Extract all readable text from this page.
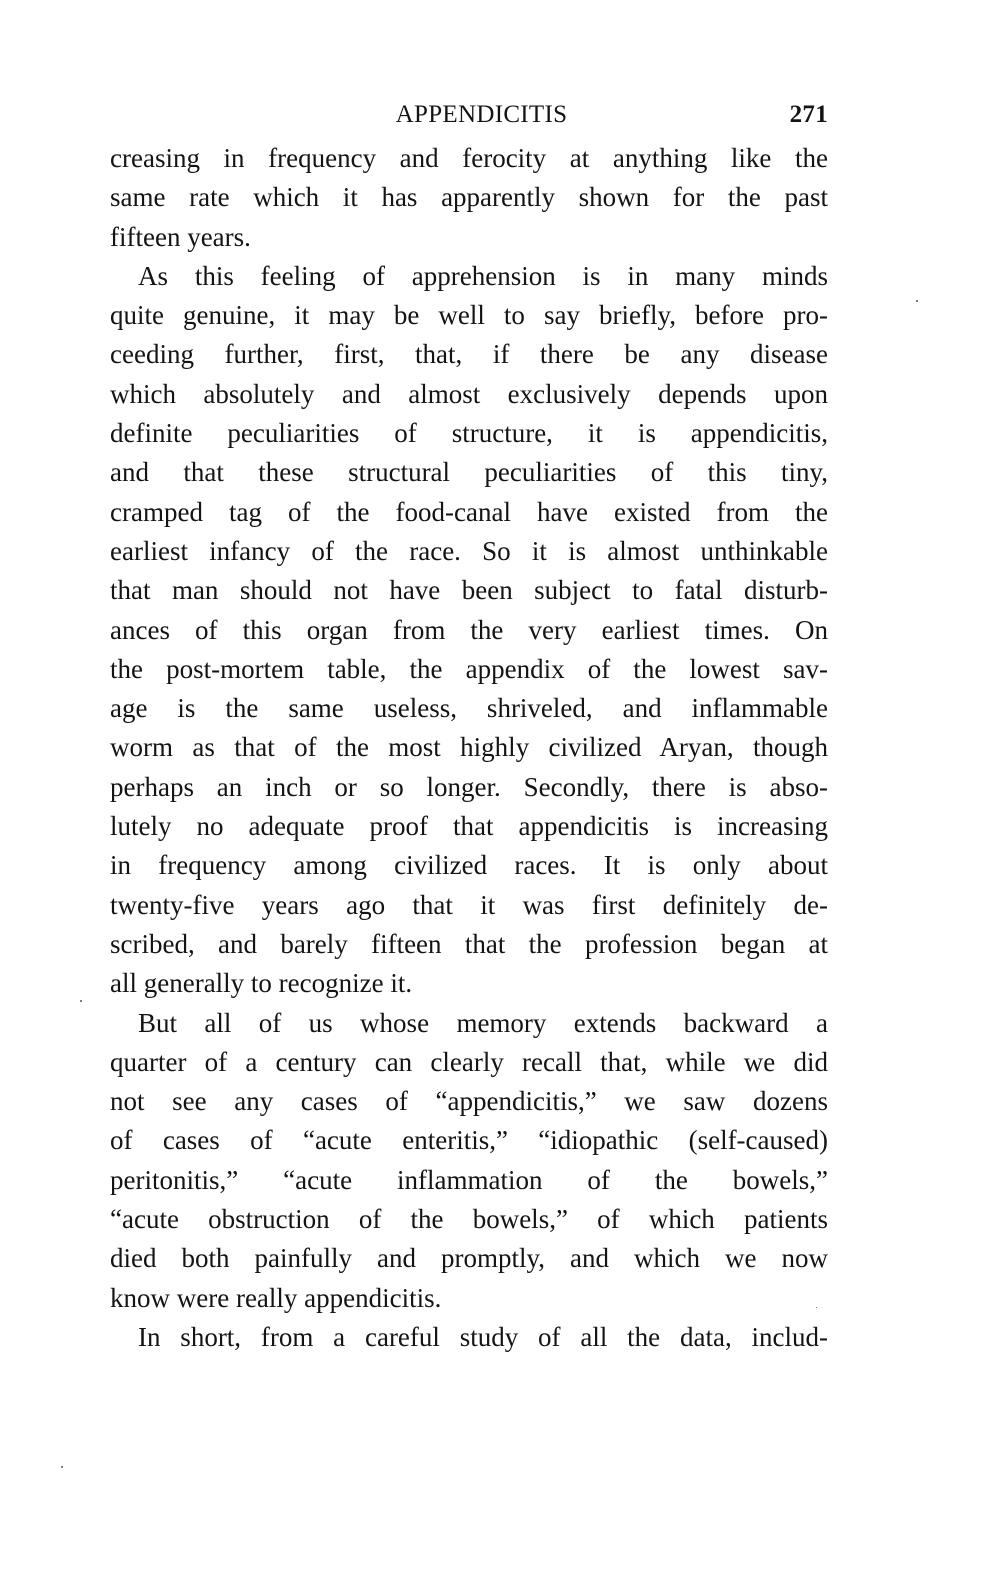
APPENDICITIS	271
creasing in frequency and ferocity at anything like the
same rate which it has apparently shown for the past
fifteen years.
As this feeling of apprehension is in many minds
quite genuine, it may be well to say briefly, before pro-
ceeding further, first, that, if there be any disease
which absolutely and almost exclusively depends upon
definite peculiarities of structure, it is appendicitis,
and that these structural peculiarities of this tiny,
cramped tag of the food-canal have existed from the
earliest infancy of the race. So it is almost unthinkable
that man should not have been subject to fatal disturb-
ances of this organ from the very earliest times. On
the post-mortem table, the appendix of the lowest sav-
age is the same useless, shriveled, and inflammable
worm as that of the most highly civilized Aryan, though
perhaps an inch or so longer. Secondly, there is abso-
lutely no adequate proof that appendicitis is increasing
in frequency among civilized races. It is only about
twenty-five years ago that it was first definitely de-
scribed, and barely fifteen that the profession began at
all generally to recognize it.
But all of us whose memory extends backward a
quarter of a century can clearly recall that, while we did
not see any cases of “appendicitis,” we saw dozens
of cases of “acute enteritis,” “idiopathic (self-caused)
peritonitis,” “acute inflammation of the bowels,”
“acute obstruction of the bowels,” of which patients
died both painfully and promptly, and which we now
know were really appendicitis.
In short, from a careful study of all the data, includ-
